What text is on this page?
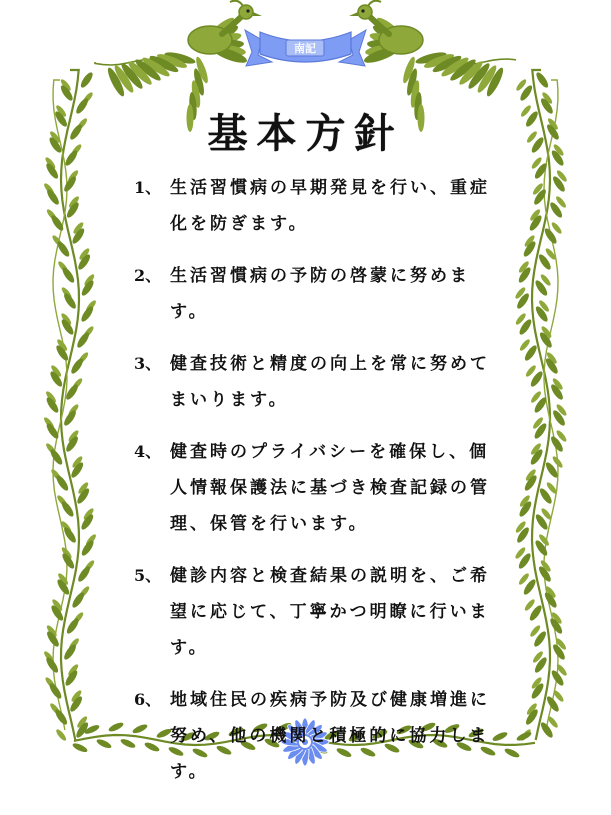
南記
基本方針
1、 生活習慣病の早期発見を行い、重症化を防ぎます。
2、 生活習慣病の予防の啓蒙に努めます。
3、 健査技術と精度の向上を常に努めてまいります。
4、 健査時のプライバシーを確保し、個人情報保護法に基づき検査記録の管理、保管を行います。
5、 健診内容と検査結果の説明を、ご希望に応じて、丁寧かつ明瞭に行います。
6、 地域住民の疾病予防及び健康増進に努め、他の機関と積極的に協力します。
